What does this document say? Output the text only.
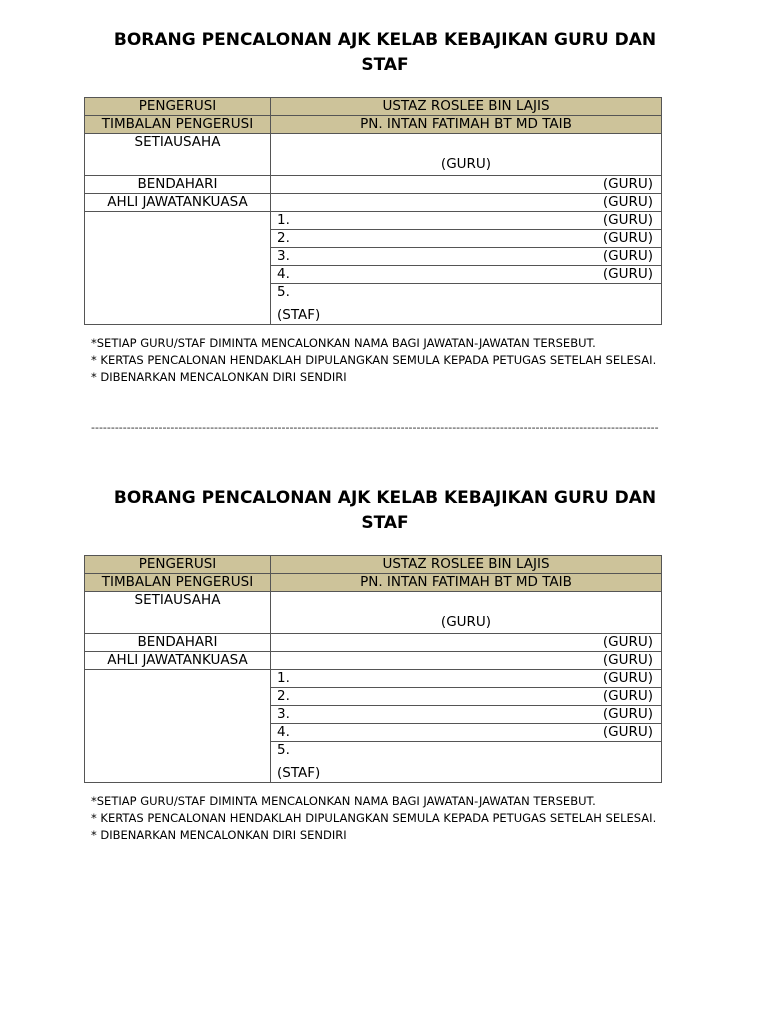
BORANG PENCALONAN AJK KELAB KEBAJIKAN GURU DAN STAF
PENGERUSI	USTAZ ROSLEE BIN LAJIS
TIMBALAN PENGERUSI	PN. INTAN FATIMAH BT MD TAIB
SETIAUSAHA	(GURU)

BENDAHARI	(GURU)
AHLI JAWATANKUASA	(GURU)

	1. (GURU)

	2. (GURU)

	3. (GURU)

	4. (GURU)

	5.
(STAF)

*SETIAP GURU/STAF DIMINTA MENCALONKAN NAMA BAGI JAWATAN-JAWATAN TERSEBUT.

* KERTAS PENCALONAN HENDAKLAH DIPULANGKAN SEMULA KEPADA PETUGAS SETELAH SELESAI.

* DIBENARKAN MENCALONKAN DIRI SENDIRI

-----------------------------------------------------------------------------------------------------------------------------------------------
BORANG PENCALONAN AJK KELAB KEBAJIKAN GURU DAN STAF
PENGERUSI	USTAZ ROSLEE BIN LAJIS
TIMBALAN PENGERUSI	PN. INTAN FATIMAH BT MD TAIB
SETIAUSAHA	(GURU)

BENDAHARI	(GURU)
AHLI JAWATANKUASA	(GURU)

	1. (GURU)

	2. (GURU)

	3. (GURU)

	4. (GURU)

	5.
(STAF)

*SETIAP GURU/STAF DIMINTA MENCALONKAN NAMA BAGI JAWATAN-JAWATAN TERSEBUT.

* KERTAS PENCALONAN HENDAKLAH DIPULANGKAN SEMULA KEPADA PETUGAS SETELAH SELESAI.

* DIBENARKAN MENCALONKAN DIRI SENDIRI
